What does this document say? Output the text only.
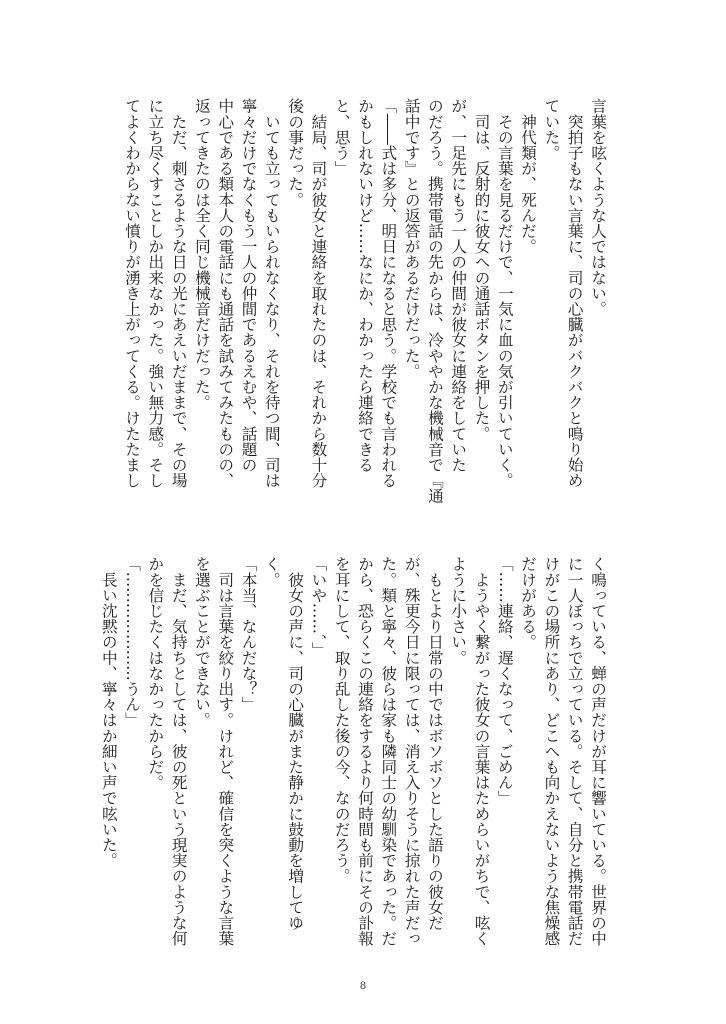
言葉を呟くような人ではない。
　突拍子もない言葉に、司の心臓がバクバクと鳴り始め
ていた。
　神代類が、死んだ。
　その言葉を見るだけで、一気に血の気が引いていく。
　司は、反射的に彼女への通話ボタンを押した。
が、一足先にもう一人の仲間が彼女に連絡をしていた
のだろう。携帯電話の先からは、冷ややかな機械音で『通
話中です』との返答があるだけだった。
「――式は多分、明日になると思う。学校でも言われる
かもしれないけど……なにか、わかったら連絡できる
と、思う」
　結局、司が彼女と連絡を取れたのは、それから数十分
後の事だった。
　いても立ってもいられなくなり、それを待つ間、司は
寧々だけでなくもう一人の仲間であるえむや、話題の
中心である類本人の電話にも通話を試みてみたものの、
返ってきたのは全く同じ機械音だけだった。
　ただ、刺さるような日の光にあえいだままで、その場
に立ち尽くすことしか出来なかった。強い無力感。そし
てよくわからない憤りが湧き上がってくる。けたたまし
く鳴っている、蝉の声だけが耳に響いている。世界の中
に一人ぼっちで立っている。そして、自分と携帯電話だ
けがこの場所にあり、どこへも向かえないような焦燥感
だけがある。
「……連絡、遅くなって、ごめん」
　ようやく繋がった彼女の言葉はためらいがちで、呟く
ように小さい。
　もとより日常の中ではボソボソとした語りの彼女だ
が、殊更今日に限っては、消え入りそうに掠れた声だっ
た。類と寧々、彼らは家も隣同士の幼馴染であった。だ
から、恐らくこの連絡をするより何時間も前にその訃報
を耳にして、取り乱した後の今、なのだろう。
「いや……、」
　彼女の声に、司の心臓がまた静かに鼓動を増してゆ
く。
「本当、なんだな？」
　司は言葉を絞り出す。けれど、確信を突くような言葉
を選ぶことができない。
　まだ、気持ちとしては、彼の死という現実のような何
かを信じたくはなかったからだ。
「…………………うん」
　長い沈黙の中、寧々はか細い声で呟いた。
8
